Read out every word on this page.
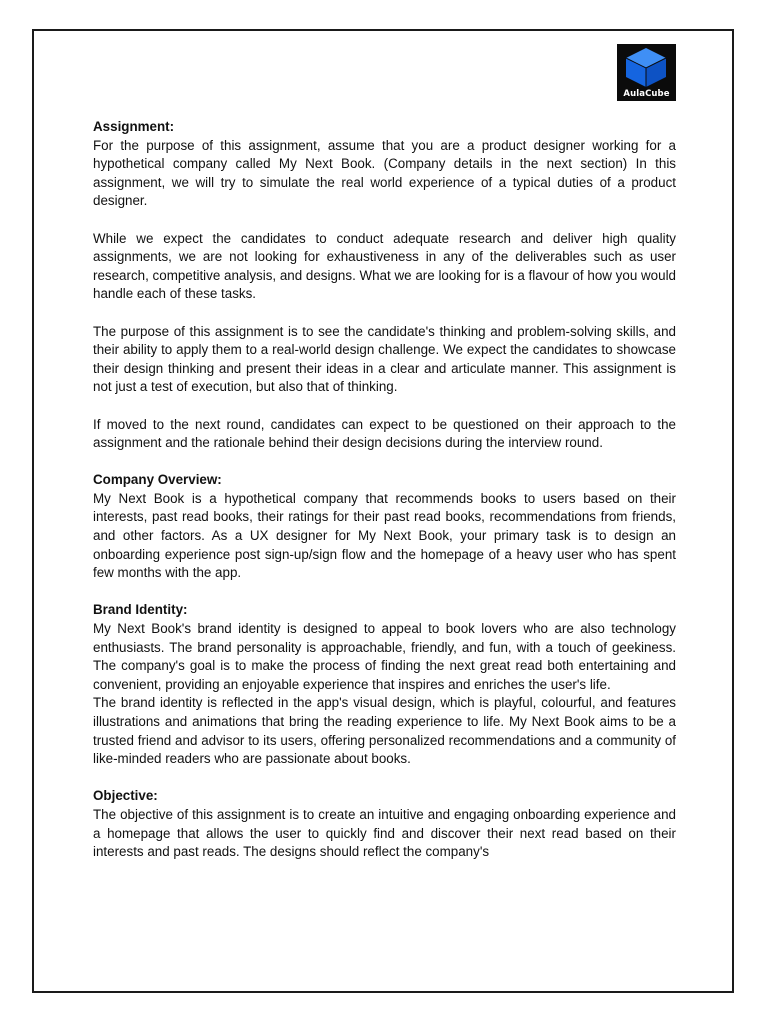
AulaCube

Assignment:

For the purpose of this assignment, assume that you are a product designer working for a hypothetical company called My Next Book. (Company details in the next section) In this assignment, we will try to simulate the real world experience of a typical duties of a product designer.

While we expect the candidates to conduct adequate research and deliver high quality assignments, we are not looking for exhaustiveness in any of the deliverables such as user research, competitive analysis, and designs. What we are looking for is a flavour of how you would handle each of these tasks.

The purpose of this assignment is to see the candidate's thinking and problem-solving skills, and their ability to apply them to a real-world design challenge. We expect the candidates to showcase their design thinking and present their ideas in a clear and articulate manner. This assignment is not just a test of execution, but also that of thinking.

If moved to the next round, candidates can expect to be questioned on their approach to the assignment and the rationale behind their design decisions during the interview round.

Company Overview:

My Next Book is a hypothetical company that recommends books to users based on their interests, past read books, their ratings for their past read books, recommendations from friends, and other factors. As a UX designer for My Next Book, your primary task is to design an onboarding experience post sign-up/sign flow and the homepage of a heavy user who has spent few months with the app.

Brand Identity:

My Next Book's brand identity is designed to appeal to book lovers who are also technology enthusiasts. The brand personality is approachable, friendly, and fun, with a touch of geekiness. The company's goal is to make the process of finding the next great read both entertaining and convenient, providing an enjoyable experience that inspires and enriches the user's life.

The brand identity is reflected in the app's visual design, which is playful, colourful, and features illustrations and animations that bring the reading experience to life. My Next Book aims to be a trusted friend and advisor to its users, offering personalized recommendations and a community of like-minded readers who are passionate about books.

Objective:

The objective of this assignment is to create an intuitive and engaging onboarding experience and a homepage that allows the user to quickly find and discover their next read based on their interests and past reads. The designs should reflect the company's
